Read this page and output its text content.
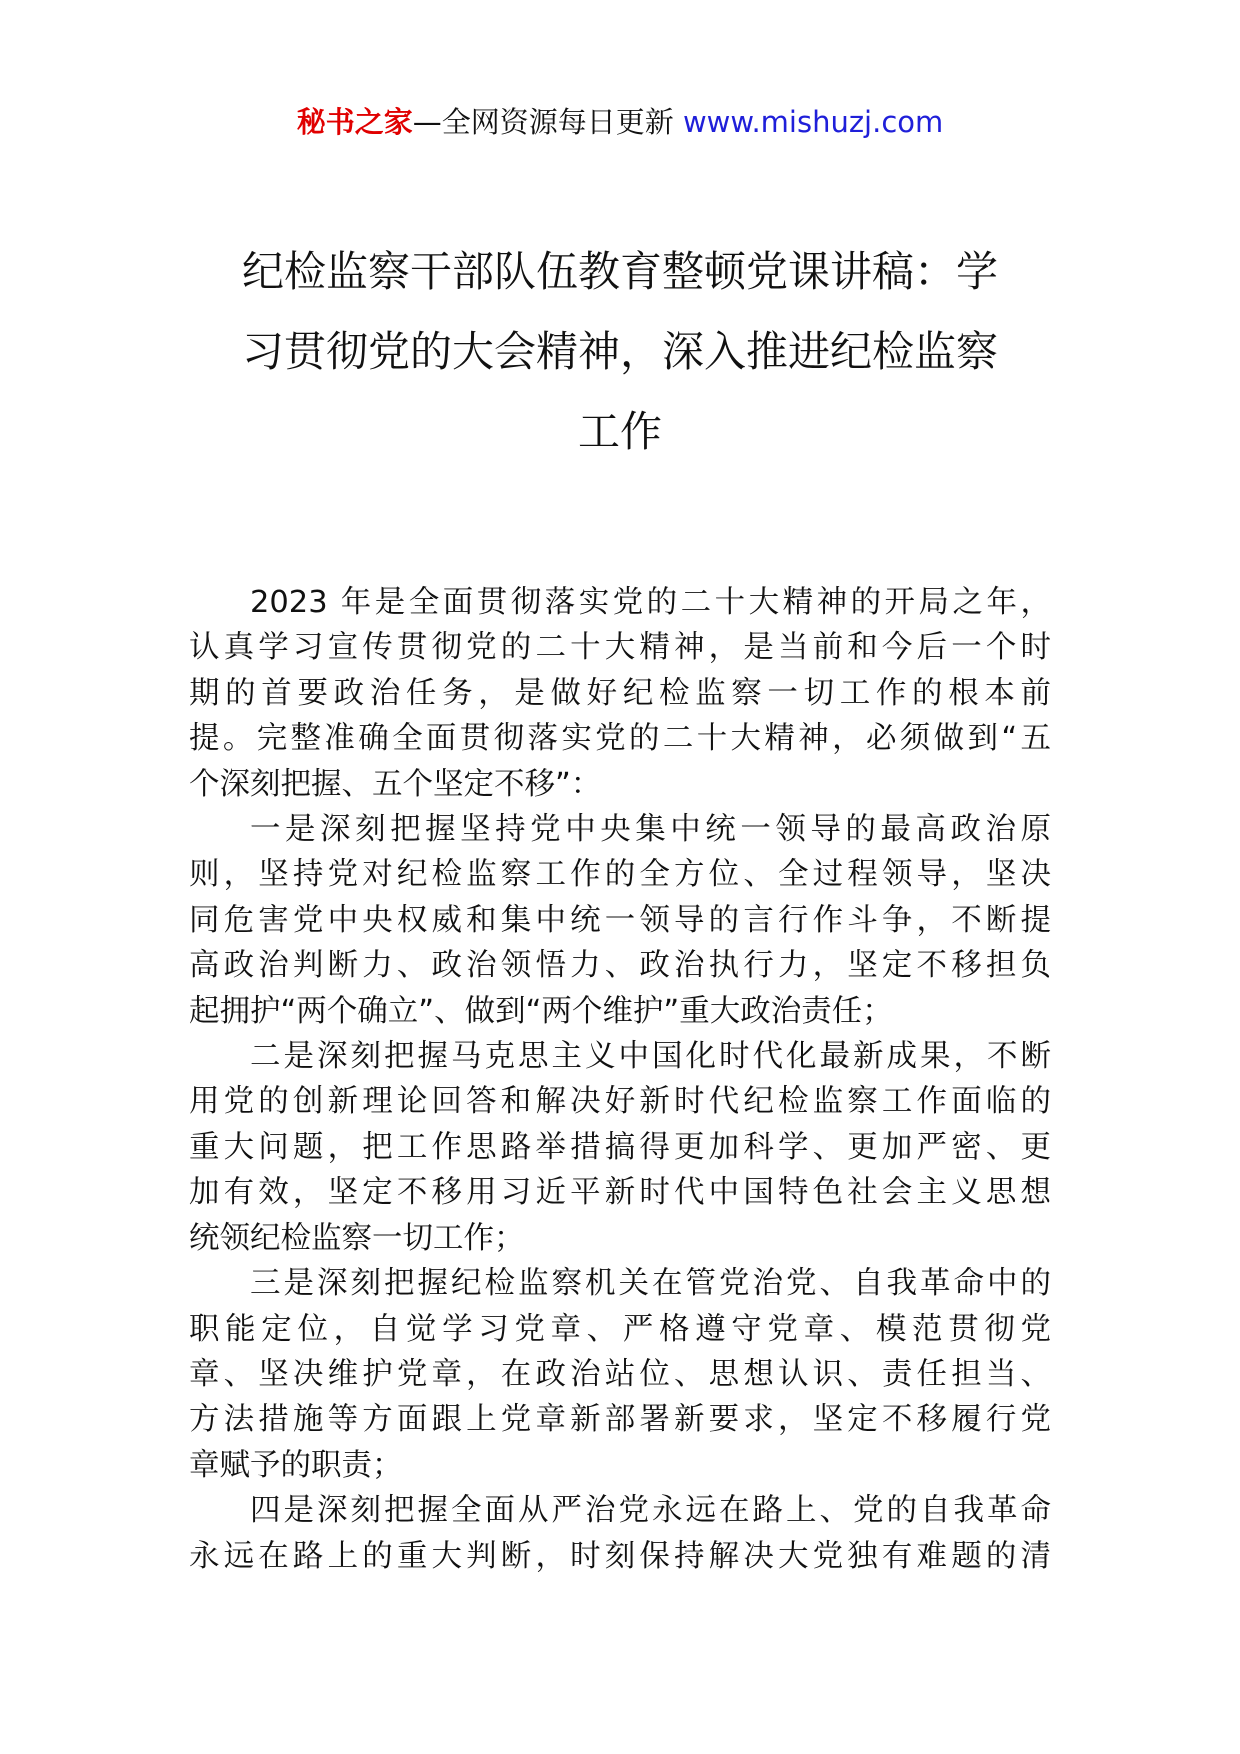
秘书之家—全网资源每日更新 www.mishuzj.com
纪检监察干部队伍教育整顿党课讲稿：学
习贯彻党的大会精神，深入推进纪检监察
工作
2023 年是全面贯彻落实党的二十大精神的开局之年，
认真学习宣传贯彻党的二十大精神，是当前和今后一个时
期的首要政治任务，是做好纪检监察一切工作的根本前
提。完整准确全面贯彻落实党的二十大精神，必须做到“五
个深刻把握、五个坚定不移”：
一是深刻把握坚持党中央集中统一领导的最高政治原
则，坚持党对纪检监察工作的全方位、全过程领导，坚决
同危害党中央权威和集中统一领导的言行作斗争，不断提
高政治判断力、政治领悟力、政治执行力，坚定不移担负
起拥护“两个确立”、做到“两个维护”重大政治责任；
二是深刻把握马克思主义中国化时代化最新成果，不断
用党的创新理论回答和解决好新时代纪检监察工作面临的
重大问题，把工作思路举措搞得更加科学、更加严密、更
加有效，坚定不移用习近平新时代中国特色社会主义思想
统领纪检监察一切工作；
三是深刻把握纪检监察机关在管党治党、自我革命中的
职能定位，自觉学习党章、严格遵守党章、模范贯彻党
章、坚决维护党章，在政治站位、思想认识、责任担当、
方法措施等方面跟上党章新部署新要求，坚定不移履行党
章赋予的职责；
四是深刻把握全面从严治党永远在路上、党的自我革命
永远在路上的重大判断，时刻保持解决大党独有难题的清
